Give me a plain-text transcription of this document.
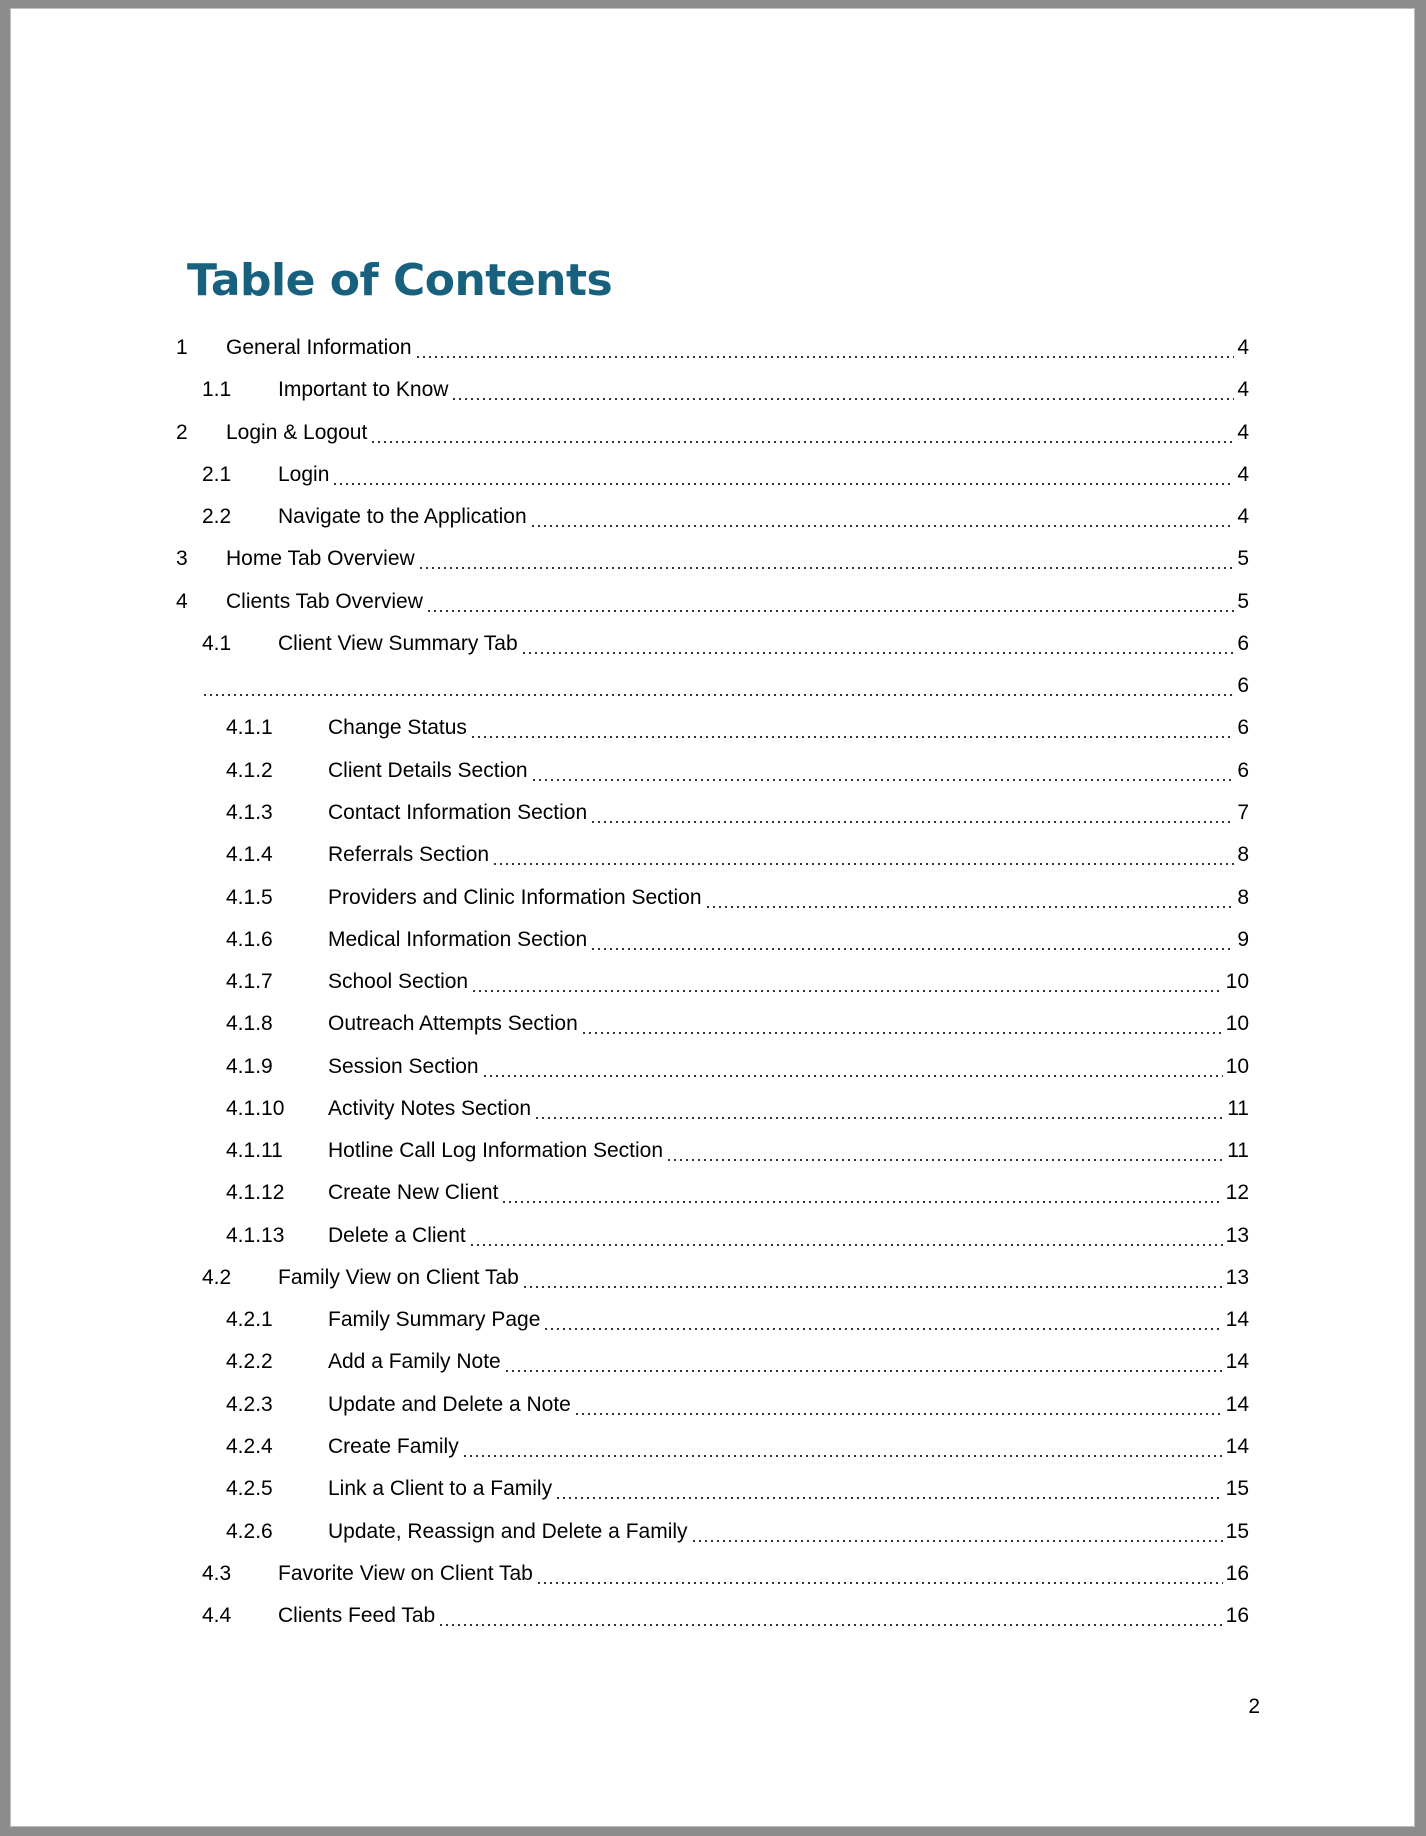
Table of Contents
1	General Information	4
1.1	Important to Know	4
2	Login & Logout	4
2.1	Login	4
2.2	Navigate to the Application	4
3	Home Tab Overview	5
4	Clients Tab Overview	5
4.1	Client View Summary Tab	6
6
4.1.1	Change Status	6
4.1.2	Client Details Section	6
4.1.3	Contact Information Section	7
4.1.4	Referrals Section	8
4.1.5	Providers and Clinic Information Section	8
4.1.6	Medical Information Section	9
4.1.7	School Section	10
4.1.8	Outreach Attempts Section	10
4.1.9	Session Section	10
4.1.10	Activity Notes Section	11
4.1.11	Hotline Call Log Information Section	11
4.1.12	Create New Client	12
4.1.13	Delete a Client	13
4.2	Family View on Client Tab	13
4.2.1	Family Summary Page	14
4.2.2	Add a Family Note	14
4.2.3	Update and Delete a Note	14
4.2.4	Create Family	14
4.2.5	Link a Client to a Family	15
4.2.6	Update, Reassign and Delete a Family	15
4.3	Favorite View on Client Tab	16
4.4	Clients Feed Tab	16
2
